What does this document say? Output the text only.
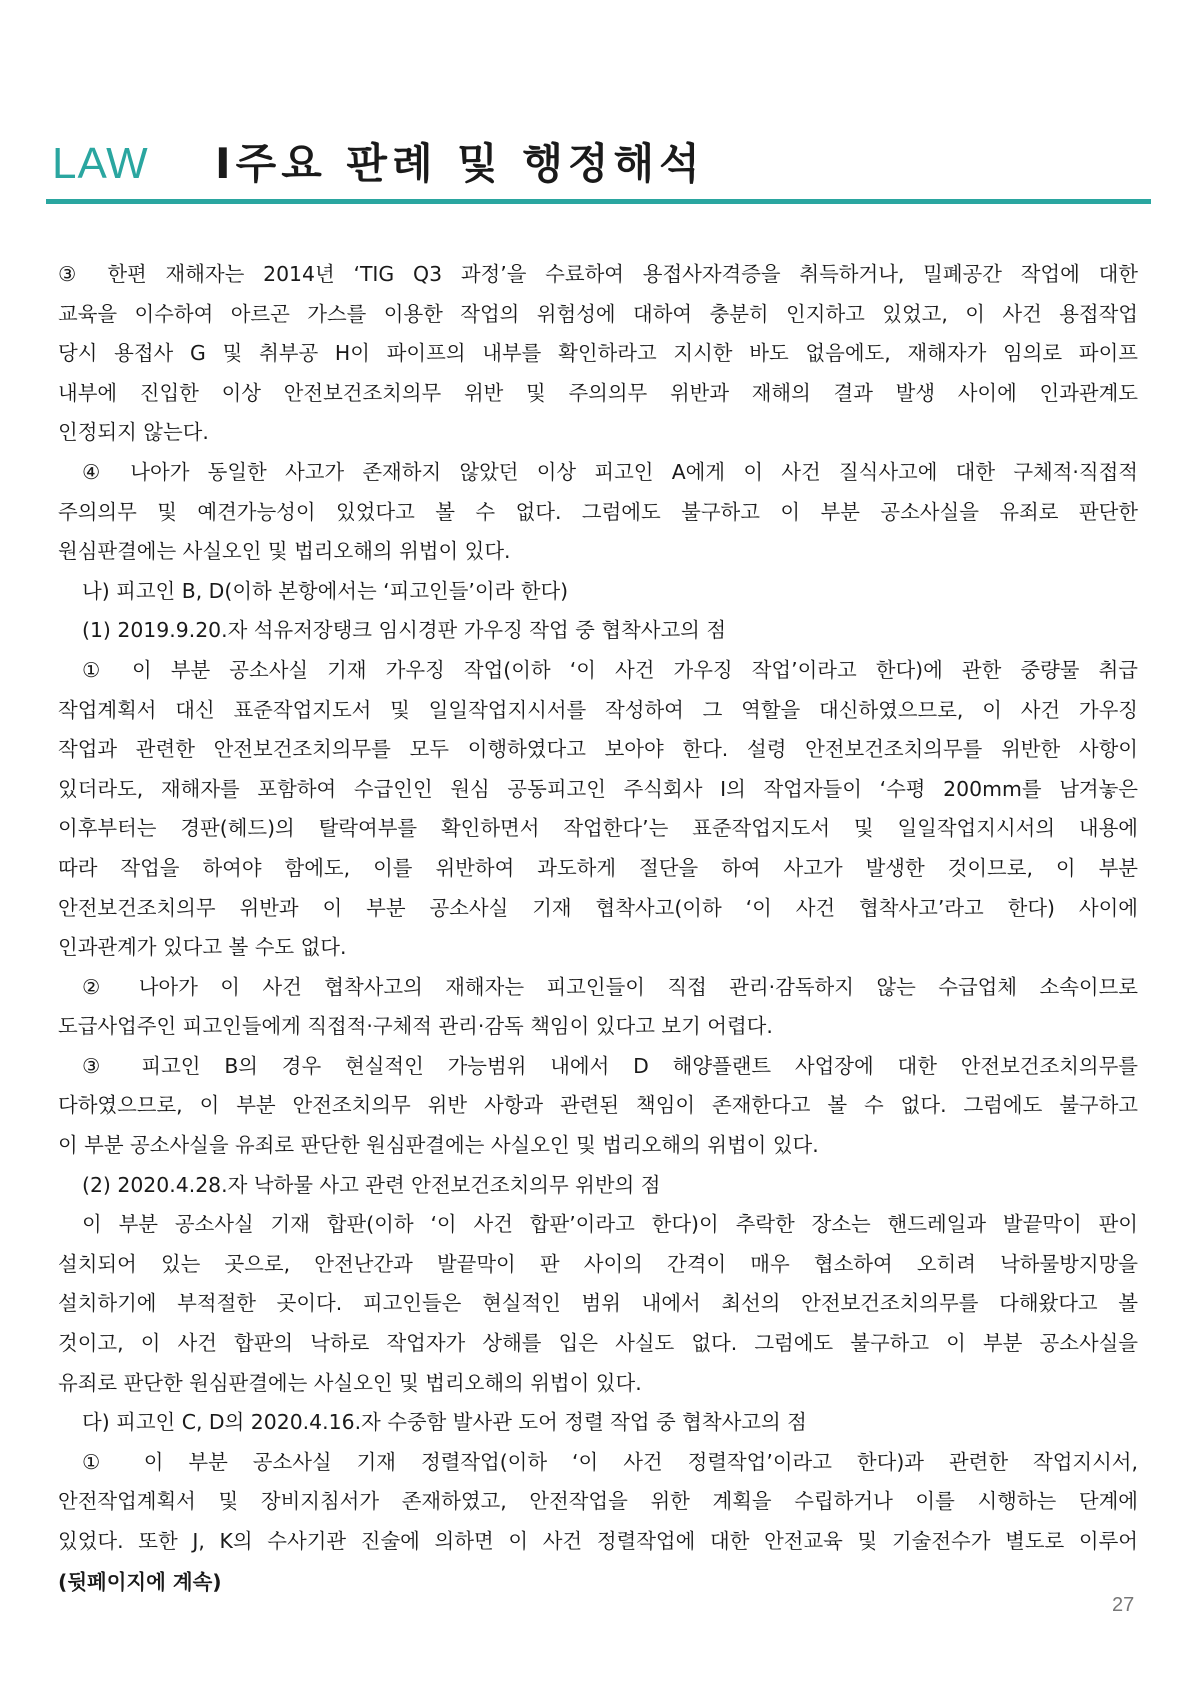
LAW Ⅰ주요 판례 및 행정해석
③ 한편 재해자는 2014년 ‘TIG Q3 과정’을 수료하여 용접사자격증을 취득하거나, 밀폐공간 작업에 대한
교육을 이수하여 아르곤 가스를 이용한 작업의 위험성에 대하여 충분히 인지하고 있었고, 이 사건 용접작업
당시 용접사 G 및 취부공 H이 파이프의 내부를 확인하라고 지시한 바도 없음에도, 재해자가 임의로 파이프
내부에 진입한 이상 안전보건조치의무 위반 및 주의의무 위반과 재해의 결과 발생 사이에 인과관계도
인정되지 않는다.
④ 나아가 동일한 사고가 존재하지 않았던 이상 피고인 A에게 이 사건 질식사고에 대한 구체적·직접적
주의의무 및 예견가능성이 있었다고 볼 수 없다. 그럼에도 불구하고 이 부분 공소사실을 유죄로 판단한
원심판결에는 사실오인 및 법리오해의 위법이 있다.
나) 피고인 B, D(이하 본항에서는 ‘피고인들’이라 한다)
(1) 2019.9.20.자 석유저장탱크 임시경판 가우징 작업 중 협착사고의 점
① 이 부분 공소사실 기재 가우징 작업(이하 ‘이 사건 가우징 작업’이라고 한다)에 관한 중량물 취급
작업계획서 대신 표준작업지도서 및 일일작업지시서를 작성하여 그 역할을 대신하였으므로, 이 사건 가우징
작업과 관련한 안전보건조치의무를 모두 이행하였다고 보아야 한다. 설령 안전보건조치의무를 위반한 사항이
있더라도, 재해자를 포함하여 수급인인 원심 공동피고인 주식회사 I의 작업자들이 ‘수평 200mm를 남겨놓은
이후부터는 경판(헤드)의 탈락여부를 확인하면서 작업한다’는 표준작업지도서 및 일일작업지시서의 내용에
따라 작업을 하여야 함에도, 이를 위반하여 과도하게 절단을 하여 사고가 발생한 것이므로, 이 부분
안전보건조치의무 위반과 이 부분 공소사실 기재 협착사고(이하 ‘이 사건 협착사고’라고 한다) 사이에
인과관계가 있다고 볼 수도 없다.
② 나아가 이 사건 협착사고의 재해자는 피고인들이 직접 관리·감독하지 않는 수급업체 소속이므로
도급사업주인 피고인들에게 직접적·구체적 관리·감독 책임이 있다고 보기 어렵다.
③ 피고인 B의 경우 현실적인 가능범위 내에서 D 해양플랜트 사업장에 대한 안전보건조치의무를
다하였으므로, 이 부분 안전조치의무 위반 사항과 관련된 책임이 존재한다고 볼 수 없다. 그럼에도 불구하고
이 부분 공소사실을 유죄로 판단한 원심판결에는 사실오인 및 법리오해의 위법이 있다.
(2) 2020.4.28.자 낙하물 사고 관련 안전보건조치의무 위반의 점
이 부분 공소사실 기재 합판(이하 ‘이 사건 합판’이라고 한다)이 추락한 장소는 핸드레일과 발끝막이 판이
설치되어 있는 곳으로, 안전난간과 발끝막이 판 사이의 간격이 매우 협소하여 오히려 낙하물방지망을
설치하기에 부적절한 곳이다. 피고인들은 현실적인 범위 내에서 최선의 안전보건조치의무를 다해왔다고 볼
것이고, 이 사건 합판의 낙하로 작업자가 상해를 입은 사실도 없다. 그럼에도 불구하고 이 부분 공소사실을
유죄로 판단한 원심판결에는 사실오인 및 법리오해의 위법이 있다.
다) 피고인 C, D의 2020.4.16.자 수중함 발사관 도어 정렬 작업 중 협착사고의 점
① 이 부분 공소사실 기재 정렬작업(이하 ‘이 사건 정렬작업’이라고 한다)과 관련한 작업지시서,
안전작업계획서 및 장비지침서가 존재하였고, 안전작업을 위한 계획을 수립하거나 이를 시행하는 단계에
있었다. 또한 J, K의 수사기관 진술에 의하면 이 사건 정렬작업에 대한 안전교육 및 기술전수가 별도로 이루어
(뒷페이지에 계속)
27
